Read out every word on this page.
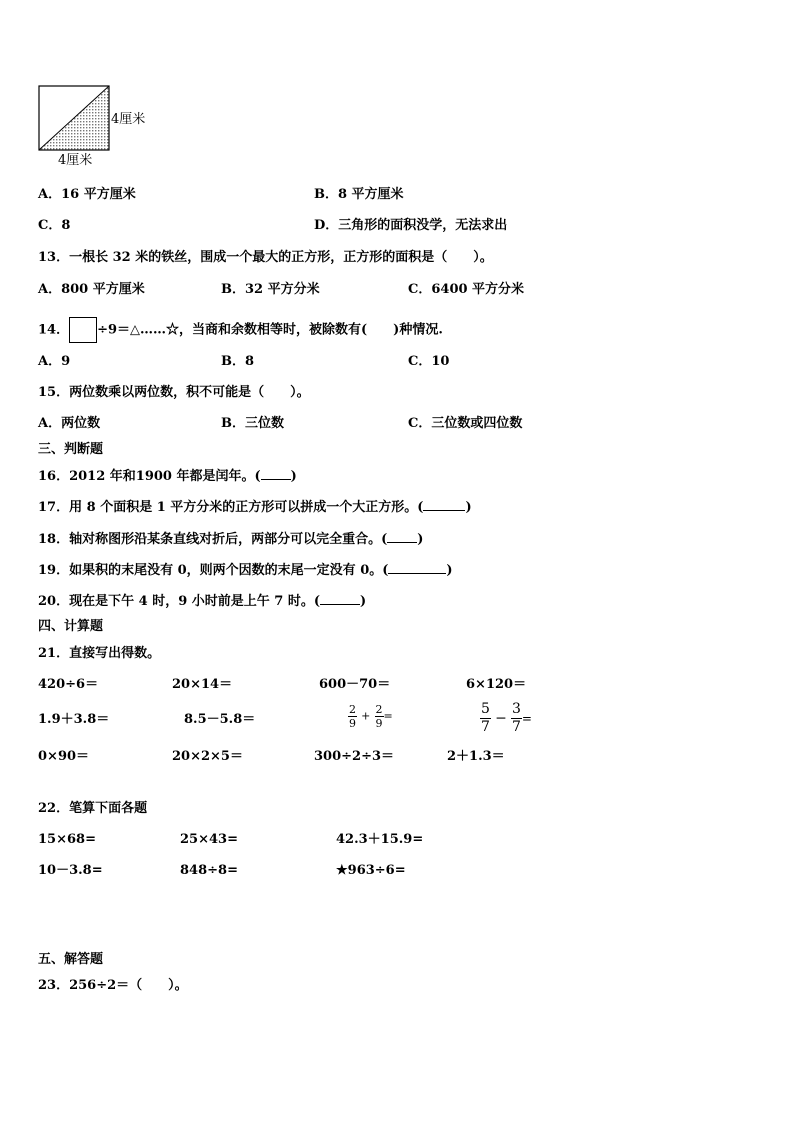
4厘米
4厘米
A．16 平方厘米	B．8 平方厘米
C．8	D．三角形的面积没学，无法求出
13．一根长 32 米的铁丝，围成一个最大的正方形，正方形的面积是（　　）。
A．800 平方厘米	B．32 平方分米	C．6400 平方分米
14． ÷9＝△……☆，当商和余数相等时，被除数有(　　)种情况.
A．9	B．8	C．10
15．两位数乘以两位数，积不可能是（　　）。
A．两位数	B．三位数	C．三位数或四位数
三、判断题
16．2012 年和1900 年都是闰年。( )
17．用 8 个面积是 1 平方分米的正方形可以拼成一个大正方形。(	)
18．轴对称图形沿某条直线对折后，两部分可以完全重合。( )
19．如果积的末尾没有 0，则两个因数的末尾一定没有 0。(	)
20．现在是下午 4 时，9 小时前是上午 7 时。(	)
四、计算题
21．直接写出得数。
420÷6＝	20×14＝	600－70＝	6×120＝
1.9＋3.8＝	8.5－5.8＝	$\frac{2}{9} + \frac{2}{9}$ =	$\frac{5}{7} - \frac{3}{7}$ =
0×90＝	20×2×5＝	300÷2÷3＝	2＋1.3＝
22．笔算下面各题
15×68=	25×43=	42.3＋15.9=
10－3.8=	848÷8=	★963÷6=
五、解答题
23．256÷2＝（　　）。
